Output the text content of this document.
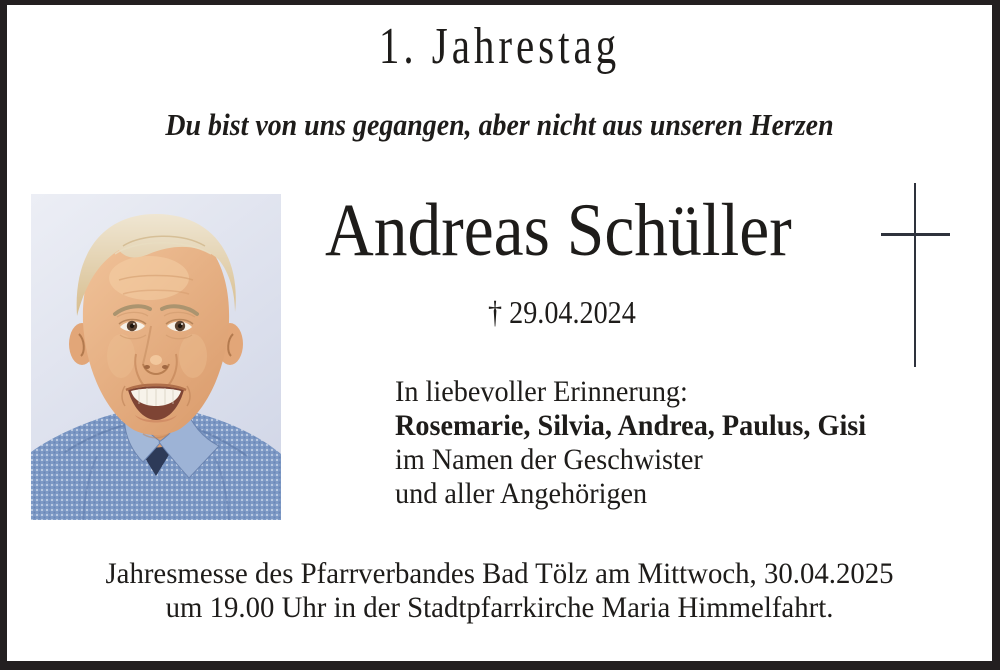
1. Jahrestag
Du bist von uns gegangen, aber nicht aus unseren Herzen
Andreas Schüller
† 29.04.2024
In liebevoller Erinnerung:
Rosemarie, Silvia, Andrea, Paulus, Gisi
im Namen der Geschwister
und aller Angehörigen
Jahresmesse des Pfarrverbandes Bad Tölz am Mittwoch, 30.04.2025
um 19.00 Uhr in der Stadtpfarrkirche Maria Himmelfahrt.
